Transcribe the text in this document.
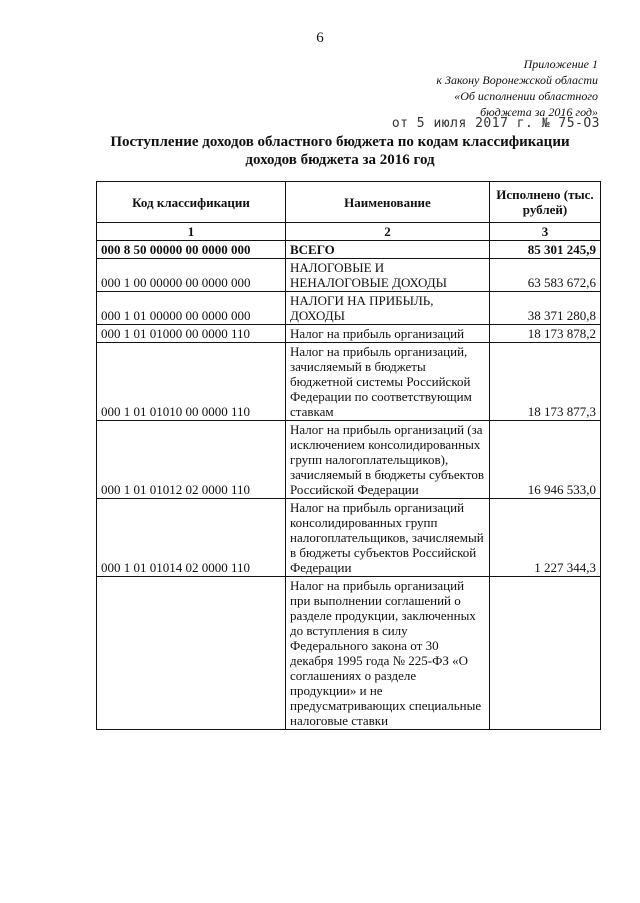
6
Приложение 1
к Закону Воронежской области
«Об исполнении областного
бюджета за 2016 год»
от 5 июля 2017 г. № 75-ОЗ
Поступление доходов областного бюджета по кодам классификации
доходов бюджета за 2016 год
Код классификации	Наименование	Исполнено (тыс. рублей)
1	2	3
000 8 50 00000 00 0000 000	ВСЕГО	85 301 245,9
000 1 00 00000 00 0000 000	НАЛОГОВЫЕ И НЕНАЛОГОВЫЕ ДОХОДЫ	63 583 672,6
000 1 01 00000 00 0000 000	НАЛОГИ НА ПРИБЫЛЬ, ДОХОДЫ	38 371 280,8
000 1 01 01000 00 0000 110	Налог на прибыль организаций	18 173 878,2
000 1 01 01010 00 0000 110	Налог на прибыль организаций, зачисляемый в бюджеты бюджетной системы Российской Федерации по соответствующим ставкам	18 173 877,3
000 1 01 01012 02 0000 110	Налог на прибыль организаций (за исключением консолидированных групп налогоплательщиков), зачисляемый в бюджеты субъектов Российской Федерации	16 946 533,0
000 1 01 01014 02 0000 110	Налог на прибыль организаций консолидированных групп налогоплательщиков, зачисляемый в бюджеты субъектов Российской Федерации	1 227 344,3
	Налог на прибыль организаций при выполнении соглашений о разделе продукции, заключенных до вступления в силу Федерального закона от 30 декабря 1995 года № 225-ФЗ «О соглашениях о разделе продукции» и не предусматривающих специальные налоговые ставки	
